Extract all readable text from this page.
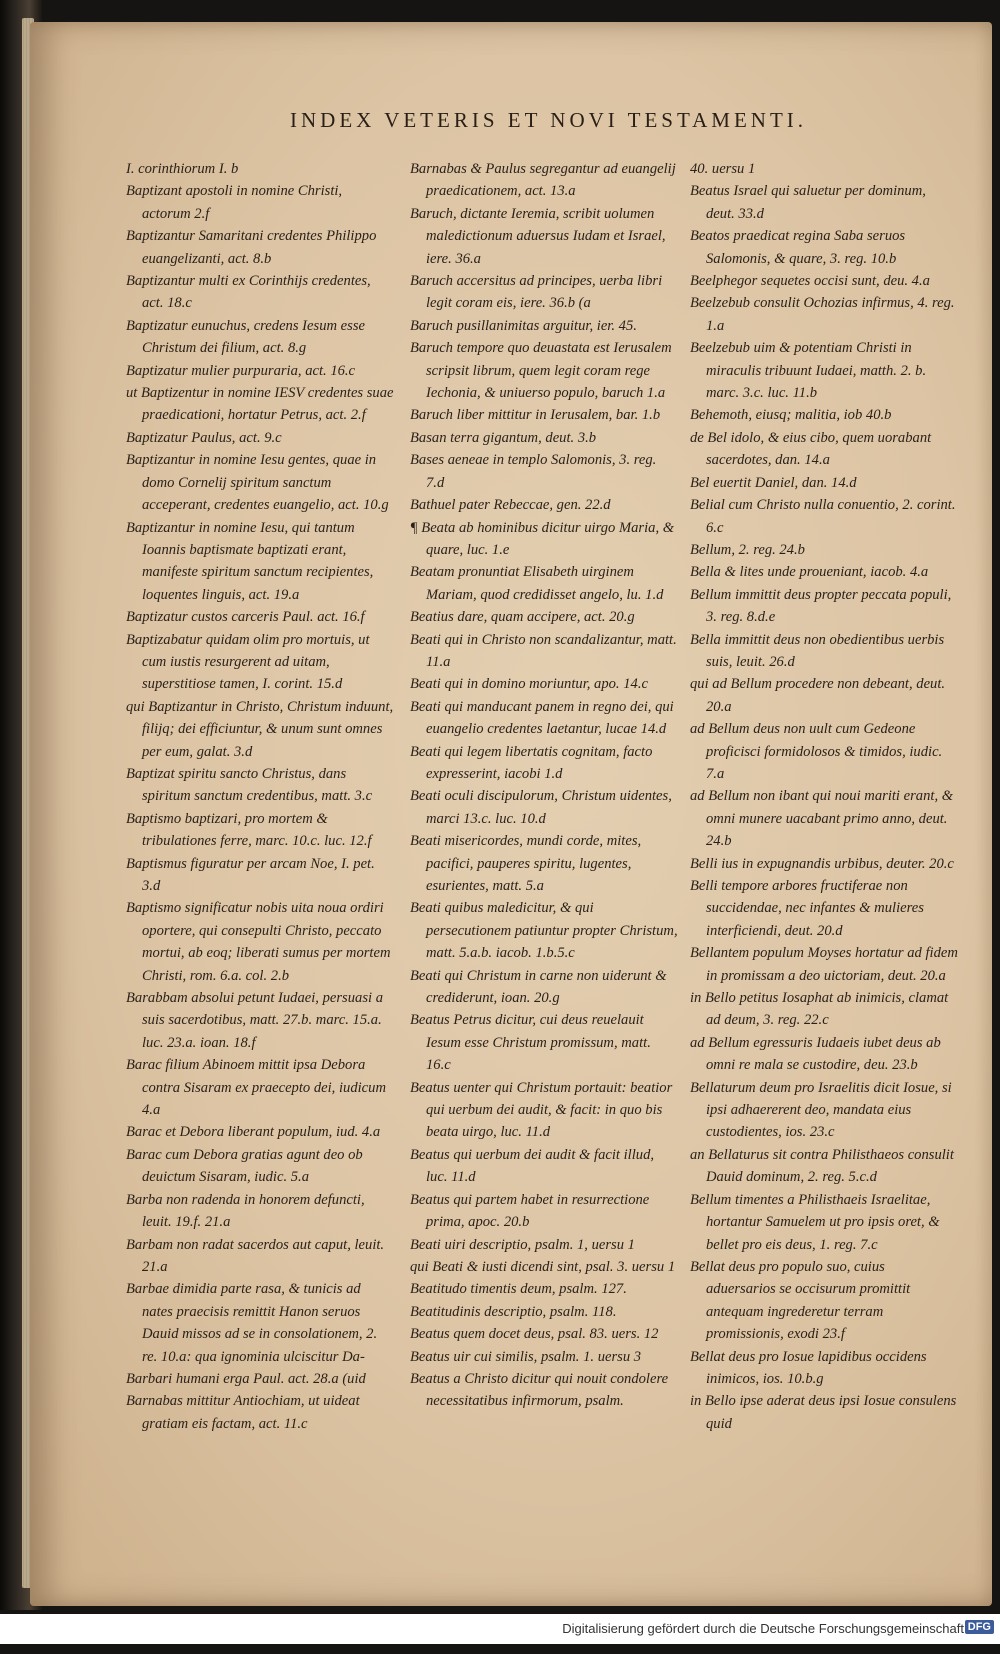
INDEX VETERIS ET NOVI TESTAMENTI.
I. corinthiorum I. b
Baptizant apostoli in nomine Christi, actorum 2.f
Baptizantur Samaritani credentes Philippo euangelizanti, act. 8.b
Baptizantur multi ex Corinthijs credentes, act. 18.c
Baptizatur eunuchus, credens Iesum esse Christum dei filium, act. 8.g
Baptizatur mulier purpuraria, act. 16.c
ut Baptizentur in nomine IESV credentes suae praedicationi, hortatur Petrus, act. 2.f
Baptizatur Paulus, act. 9.c
Baptizantur in nomine Iesu gentes, quae in domo Cornelij spiritum sanctum acceperant, credentes euangelio, act. 10.g
Baptizantur in nomine Iesu, qui tantum Ioannis baptismate baptizati erant, manifeste spiritum sanctum recipientes, loquentes linguis, act. 19.a
Baptizatur custos carceris Paul. act. 16.f
Baptizabatur quidam olim pro mortuis, ut cum iustis resurgerent ad uitam, superstitiose tamen, I. corint. 15.d
qui Baptizantur in Christo, Christum induunt, filijq; dei efficiuntur, & unum sunt omnes per eum, galat. 3.d
Baptizat spiritu sancto Christus, dans spiritum sanctum credentibus, matt. 3.c
Baptismo baptizari, pro mortem & tribulationes ferre, marc. 10.c. luc. 12.f
Baptismus figuratur per arcam Noe, I. pet. 3.d
Baptismo significatur nobis uita noua ordiri oportere, qui consepulti Christo, peccato mortui, ab eoq; liberati sumus per mortem Christi, rom. 6.a. col. 2.b
Barabbam absolui petunt Iudaei, persuasi a suis sacerdotibus, matt. 27.b. marc. 15.a. luc. 23.a. ioan. 18.f
Barac filium Abinoem mittit ipsa Debora contra Sisaram ex praecepto dei, iudicum 4.a
Barac et Debora liberant populum, iud. 4.a
Barac cum Debora gratias agunt deo ob deuictum Sisaram, iudic. 5.a
Barba non radenda in honorem defuncti, leuit. 19.f. 21.a
Barbam non radat sacerdos aut caput, leuit. 21.a
Barbae dimidia parte rasa, & tunicis ad nates praecisis remittit Hanon seruos Dauid missos ad se in consolationem, 2. re. 10.a: qua ignominia ulciscitur Da-
Barbari humani erga Paul. act. 28.a (uid
Barnabas mittitur Antiochiam, ut uideat gratiam eis factam, act. 11.c
Barnabas & Paulus segregantur ad euangelij praedicationem, act. 13.a
Baruch, dictante Ieremia, scribit uolumen maledictionum aduersus Iudam et Israel, iere. 36.a
Baruch accersitus ad principes, uerba libri legit coram eis, iere. 36.b (a
Baruch pusillanimitas arguitur, ier. 45.
Baruch tempore quo deuastata est Ierusalem scripsit librum, quem legit coram rege Iechonia, & uniuerso populo, baruch 1.a
Baruch liber mittitur in Ierusalem, bar. 1.b
Basan terra gigantum, deut. 3.b
Bases aeneae in templo Salomonis, 3. reg. 7.d
Bathuel pater Rebeccae, gen. 22.d
¶ Beata ab hominibus dicitur uirgo Maria, & quare, luc. 1.e
Beatam pronuntiat Elisabeth uirginem Mariam, quod credidisset angelo, lu. 1.d
Beatius dare, quam accipere, act. 20.g
Beati qui in Christo non scandalizantur, matt. 11.a
Beati qui in domino moriuntur, apo. 14.c
Beati qui manducant panem in regno dei, qui euangelio credentes laetantur, lucae 14.d
Beati qui legem libertatis cognitam, facto expresserint, iacobi 1.d
Beati oculi discipulorum, Christum uidentes, marci 13.c. luc. 10.d
Beati misericordes, mundi corde, mites, pacifici, pauperes spiritu, lugentes, esurientes, matt. 5.a
Beati quibus maledicitur, & qui persecutionem patiuntur propter Christum, matt. 5.a.b. iacob. 1.b.5.c
Beati qui Christum in carne non uiderunt & crediderunt, ioan. 20.g
Beatus Petrus dicitur, cui deus reuelauit Iesum esse Christum promissum, matt. 16.c
Beatus uenter qui Christum portauit: beatior qui uerbum dei audit, & facit: in quo bis beata uirgo, luc. 11.d
Beatus qui uerbum dei audit & facit illud, luc. 11.d
Beatus qui partem habet in resurrectione prima, apoc. 20.b
Beati uiri descriptio, psalm. 1, uersu 1
qui Beati & iusti dicendi sint, psal. 3. uersu 1
Beatitudo timentis deum, psalm. 127.
Beatitudinis descriptio, psalm. 118.
Beatus quem docet deus, psal. 83. uers. 12
Beatus uir cui similis, psalm. 1. uersu 3
Beatus a Christo dicitur qui nouit condolere necessitatibus infirmorum, psalm.
40. uersu 1
Beatus Israel qui saluetur per dominum, deut. 33.d
Beatos praedicat regina Saba seruos Salomonis, & quare, 3. reg. 10.b
Beelphegor sequetes occisi sunt, deu. 4.a
Beelzebub consulit Ochozias infirmus, 4. reg. 1.a
Beelzebub uim & potentiam Christi in miraculis tribuunt Iudaei, matth. 2. b. marc. 3.c. luc. 11.b
Behemoth, eiusq; malitia, iob 40.b
de Bel idolo, & eius cibo, quem uorabant sacerdotes, dan. 14.a
Bel euertit Daniel, dan. 14.d
Belial cum Christo nulla conuentio, 2. corint. 6.c
Bellum, 2. reg. 24.b
Bella & lites unde proueniant, iacob. 4.a
Bellum immittit deus propter peccata populi, 3. reg. 8.d.e
Bella immittit deus non obedientibus uerbis suis, leuit. 26.d
qui ad Bellum procedere non debeant, deut. 20.a
ad Bellum deus non uult cum Gedeone proficisci formidolosos & timidos, iudic. 7.a
ad Bellum non ibant qui noui mariti erant, & omni munere uacabant primo anno, deut. 24.b
Belli ius in expugnandis urbibus, deuter. 20.c
Belli tempore arbores fructiferae non succidendae, nec infantes & mulieres interficiendi, deut. 20.d
Bellantem populum Moyses hortatur ad fidem in promissam a deo uictoriam, deut. 20.a
in Bello petitus Iosaphat ab inimicis, clamat ad deum, 3. reg. 22.c
ad Bellum egressuris Iudaeis iubet deus ab omni re mala se custodire, deu. 23.b
Bellaturum deum pro Israelitis dicit Iosue, si ipsi adhaererent deo, mandata eius custodientes, ios. 23.c
an Bellaturus sit contra Philisthaeos consulit Dauid dominum, 2. reg. 5.c.d
Bellum timentes a Philisthaeis Israelitae, hortantur Samuelem ut pro ipsis oret, & bellet pro eis deus, 1. reg. 7.c
Bellat deus pro populo suo, cuius aduersarios se occisurum promittit antequam ingrederetur terram promissionis, exodi 23.f
Bellat deus pro Iosue lapidibus occidens inimicos, ios. 10.b.g
in Bello ipse aderat deus ipsi Iosue consulens quid
Digitalisierung gefördert durch die Deutsche Forschungsgemeinschaft DFG
